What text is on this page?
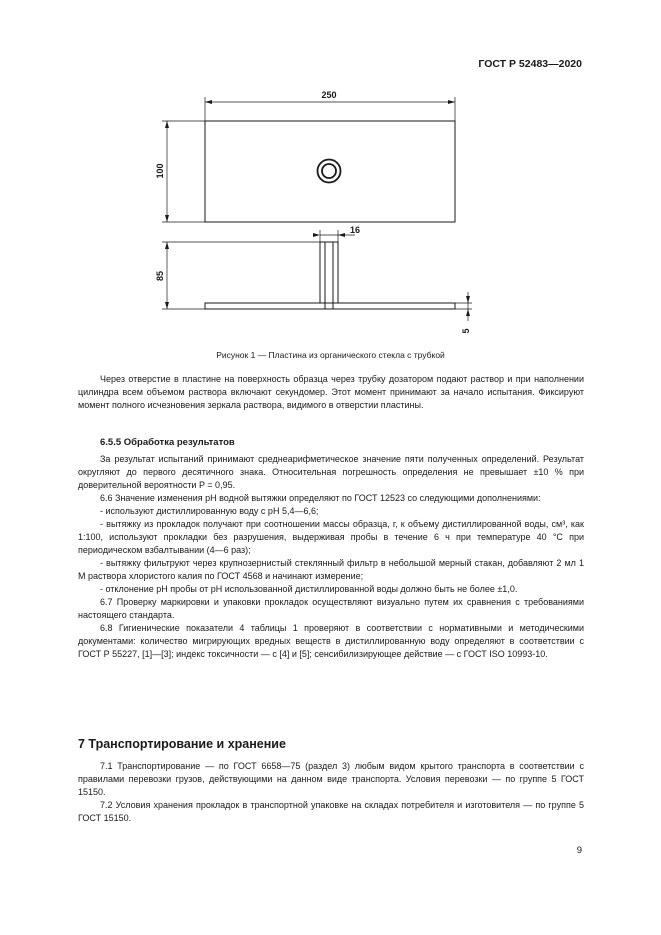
ГОСТ Р 52483—2020
250
100
16
85
5
Рисунок 1 — Пластина из органического стекла с трубкой

Через отверстие в пластине на поверхность образца через трубку дозатором подают раствор и при наполнении цилиндра всем объемом раствора включают секундомер. Этот момент принимают за начало испытания. Фиксируют момент полного исчезновения зеркала раствора, видимого в отверстии пластины.

6.5.5 Обработка результатов

За результат испытаний принимают среднеарифметическое значение пяти полученных определений. Результат округляют до первого десятичного знака. Относительная погрешность определения не превышает ±10 % при доверительной вероятности P = 0,95.

6.6 Значение изменения pH водной вытяжки определяют по ГОСТ 12523 со следующими дополнениями:

- используют дистиллированную воду с pH 5,4—6,6;

- вытяжку из прокладок получают при соотношении массы образца, г, к объему дистиллированной воды, см³, как 1:100, используют прокладки без разрушения, выдерживая пробы в течение 6 ч при температуре 40 °С при периодическом взбалтывании (4—6 раз);

- вытяжку фильтруют через крупнозернистый стеклянный фильтр в небольшой мерный стакан, добавляют 2 мл 1 М раствора хлористого калия по ГОСТ 4568 и начинают измерение;

- отклонение pH пробы от pH использованной дистиллированной воды должно быть не более ±1,0.

6.7 Проверку маркировки и упаковки прокладок осуществляют визуально путем их сравнения с требованиями настоящего стандарта.

6.8 Гигиенические показатели 4 таблицы 1 проверяют в соответствии с нормативными и методическими документами: количество мигрирующих вредных веществ в дистиллированную воду определяют в соответствии с ГОСТ Р 55227, [1]—[3]; индекс токсичности — с [4] и [5]; сенсибилизирующее действие — с ГОСТ ISO 10993-10.

7 Транспортирование и хранение

7.1 Транспортирование — по ГОСТ 6658—75 (раздел 3) любым видом крытого транспорта в соответствии с правилами перевозки грузов, действующими на данном виде транспорта. Условия перевозки — по группе 5 ГОСТ 15150.

7.2 Условия хранения прокладок в транспортной упаковке на складах потребителя и изготовителя — по группе 5 ГОСТ 15150.

9
